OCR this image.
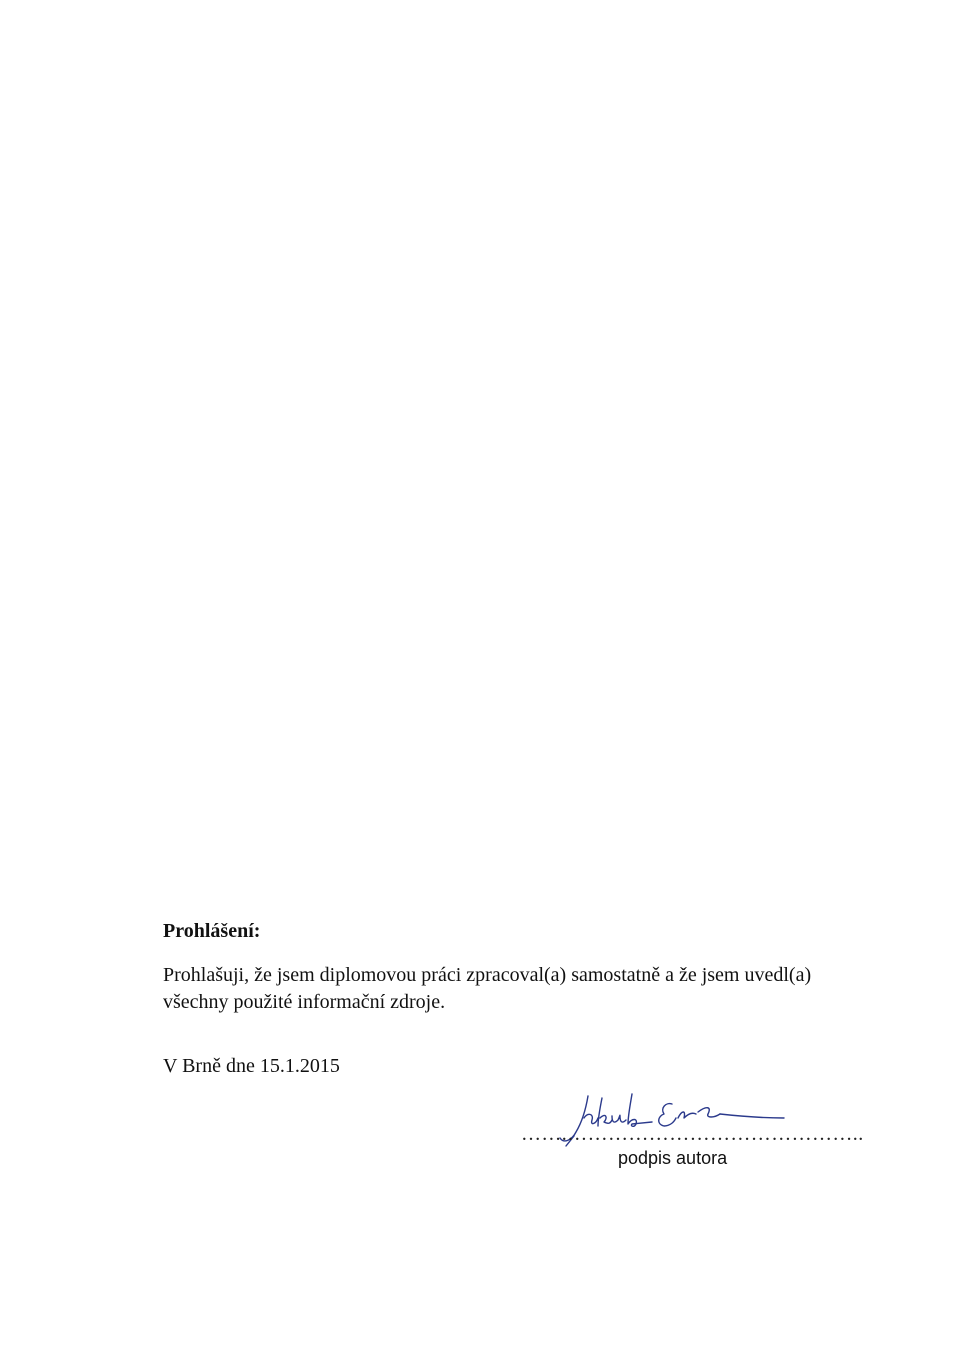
Prohlášení:

Prohlašuji, že jsem diplomovou práci zpracoval(a) samostatně a že jsem uvedl(a)
všechny použité informační zdroje.

V Brně dne 15.1.2015

…….……………………………………..
podpis autora
